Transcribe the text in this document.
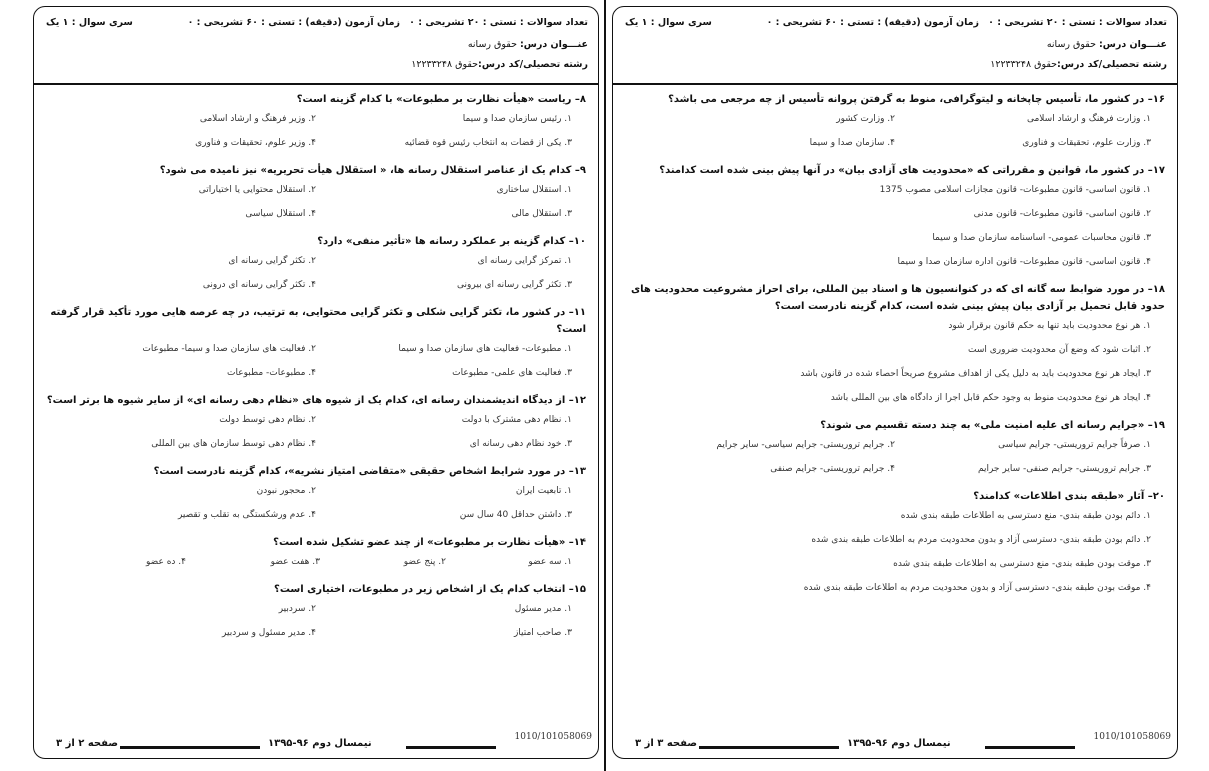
تعداد سوالات : تستی : ۲۰ تشریحی : ۰
زمان آزمون (دقیقه) : تستی : ۶۰ تشریحی : ۰
سری سوال : ۱ یک
عنـــوان درس: حقوق رسانه
رشته تحصیلی/کد درس:حقوق ۱۲۲۳۳۲۴۸
۸– ریاست «هیأت نظارت بر مطبوعات» با کدام گزینه است؟
۱. رئیس سازمان صدا و سیما
۲. وزیر فرهنگ و ارشاد اسلامی
۳. یکی از قضات به انتخاب رئیس قوه قضائیه
۴. وزیر علوم، تحقیقات و فناوری
۹– کدام یک از عناصر استقلال رسانه ها، « استقلال هیأت تحریریه» نیز نامیده می شود؟
۱. استقلال ساختاری
۲. استقلال محتوایی یا اختیاراتی
۳. استقلال مالی
۴. استقلال سیاسی
۱۰– کدام گزینه بر عملکرد رسانه ها «تأثیر منفی» دارد؟
۱. تمرکز گرایی رسانه ای
۲. تکثر گرایی رسانه ای
۳. تکثر گرایی رسانه ای بیرونی
۴. تکثر گرایی رسانه ای درونی
۱۱– در کشور ما، تکثر گرایی شکلی و تکثر گرایی محتوایی، به ترتیب، در چه عرصه هایی مورد تأکید قرار گرفته است؟
۱. مطبوعات- فعالیت های سازمان صدا و سیما
۲. فعالیت های سازمان صدا و سیما- مطبوعات
۳. فعالیت های علمی- مطبوعات
۴. مطبوعات- مطبوعات
۱۲– از دیدگاه اندیشمندان رسانه ای، کدام یک از شیوه های «نظام دهی رسانه ای» از سایر شیوه ها برتر است؟
۱. نظام دهی مشترک با دولت
۲. نظام دهی توسط دولت
۳. خود نظام دهی رسانه ای
۴. نظام دهی توسط سازمان های بین المللی
۱۳– در مورد شرایط اشخاص حقیقی «متقاضی امتیاز نشریه»، کدام گزینه نادرست است؟
۱. تابعیت ایران
۲. محجور نبودن
۳. داشتن حداقل 40 سال سن
۴. عدم ورشکستگی به تقلب و تقصیر
۱۴– «هیأت نظارت بر مطبوعات» از چند عضو تشکیل شده است؟
۱. سه عضو
۲. پنج عضو
۳. هفت عضو
۴. ده عضو
۱۵– انتخاب کدام یک از اشخاص زیر در مطبوعات، اختیاری است؟
۱. مدیر مسئول
۲. سردبیر
۳. صاحب امتیاز
۴. مدیر مسئول و سردبیر
1010/101058069
صفحه ۲ از ۳	نیمسال دوم ۹۶-۱۳۹۵
تعداد سوالات : تستی : ۲۰ تشریحی : ۰
زمان آزمون (دقیقه) : تستی : ۶۰ تشریحی : ۰
سری سوال : ۱ یک
عنـــوان درس: حقوق رسانه
رشته تحصیلی/کد درس:حقوق ۱۲۲۳۳۲۴۸
۱۶– در کشور ما، تأسیس چاپخانه و لیتوگرافی، منوط به گرفتن پروانه تأسیس از چه مرجعی می باشد؟
۱. وزارت فرهنگ و ارشاد اسلامی
۲. وزارت کشور
۳. وزارت علوم، تحقیقات و فناوری
۴. سازمان صدا و سیما
۱۷– در کشور ما، قوانین و مقرراتی که «محدودیت های آزادی بیان» در آنها پیش بینی شده است کدامند؟
۱. قانون اساسی- قانون مطبوعات- قانون مجازات اسلامی مصوب 1375
۲. قانون اساسی- قانون مطبوعات- قانون مدنی
۳. قانون محاسبات عمومی- اساسنامه سازمان صدا و سیما
۴. قانون اساسی- قانون مطبوعات- قانون اداره سازمان صدا و سیما
۱۸– در مورد ضوابط سه گانه ای که در کنوانسیون ها و اسناد بین المللی، برای احراز مشروعیت محدودیت های حدود قابل تحمیل بر آزادی بیان پیش بینی شده است، کدام گزینه نادرست است؟
۱. هر نوع محدودیت باید تنها به حکم قانون برقرار شود
۲. اثبات شود که وضع آن محدودیت ضروری است
۳. ایجاد هر نوع محدودیت باید به دلیل یکی از اهداف مشروع صریحاً احصاء شده در قانون باشد
۴. ایجاد هر نوع محدودیت منوط به وجود حکم قابل اجرا از دادگاه های بین المللی باشد
۱۹– «جرایم رسانه ای علیه امنیت ملی» به چند دسته تقسیم می شوند؟
۱. صرفاً جرایم تروریستی- جرایم سیاسی
۲. جرایم تروریستی- جرایم سیاسی- سایر جرایم
۳. جرایم تروریستی- جرایم صنفی- سایر جرایم
۴. جرایم تروریستی- جرایم صنفی
۲۰– آثار «طبقه بندی اطلاعات» کدامند؟
۱. دائم بودن طبقه بندی- منع دسترسی به اطلاعات طبقه بندی شده
۲. دائم بودن طبقه بندی- دسترسی آزاد و بدون محدودیت مردم به اطلاعات طبقه بندی شده
۳. موقت بودن طبقه بندی- منع دسترسی به اطلاعات طبقه بندی شده
۴. موقت بودن طبقه بندی- دسترسی آزاد و بدون محدودیت مردم به اطلاعات طبقه بندی شده
1010/101058069
صفحه ۳ از ۳	نیمسال دوم ۹۶-۱۳۹۵
